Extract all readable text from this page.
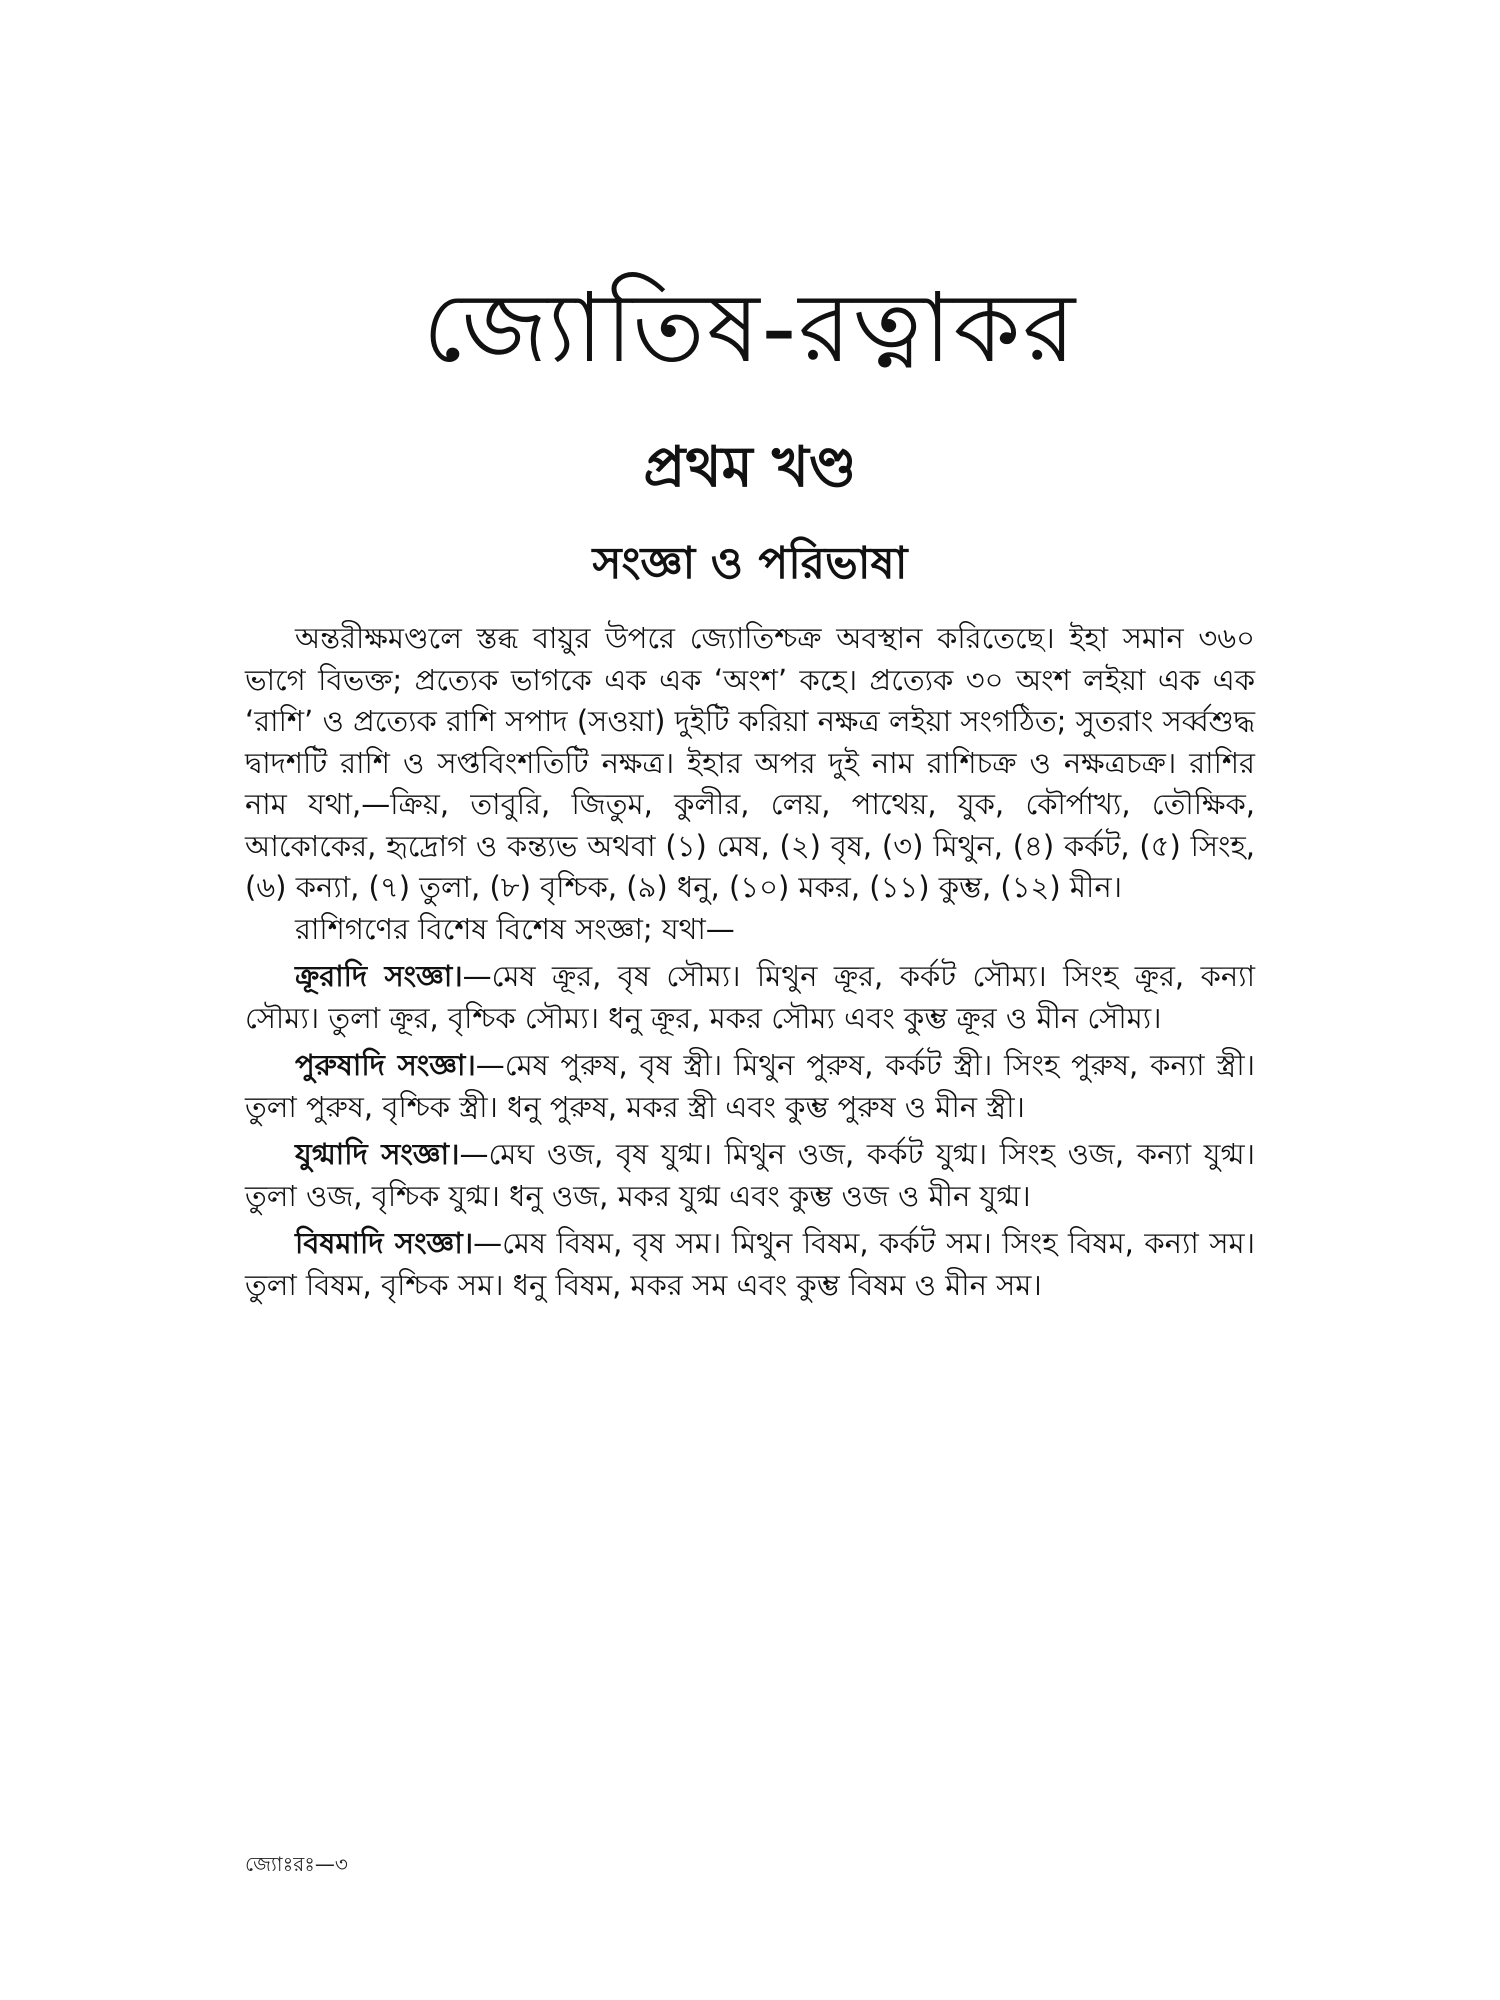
জ্যোতিষ-রত্নাকর
প্রথম খণ্ড
সংজ্ঞা ও পরিভাষা

অন্তরীক্ষমণ্ডলে স্তব্ধ বায়ুর উপরে জ্যোতিশ্চক্র অবস্থান করিতেছে। ইহা সমান ৩৬০ ভাগে বিভক্ত; প্রত্যেক ভাগকে এক এক ‘অংশ’ কহে। প্রত্যেক ৩০ অংশ লইয়া এক এক ‘রাশি’ ও প্রত্যেক রাশি সপাদ (সওয়া) দুইটি করিয়া নক্ষত্র লইয়া সংগঠিত; সুতরাং সর্ব্বশুদ্ধ দ্বাদশটি রাশি ও সপ্তবিংশতিটি নক্ষত্র। ইহার অপর দুই নাম রাশিচক্র ও নক্ষত্রচক্র। রাশির নাম যথা,—ক্রিয়, তাবুরি, জিতুম, কুলীর, লেয়, পাথেয়, যুক, কৌর্পাখ্য, তৌক্ষিক, আকোকের, হৃদ্রোগ ও কন্ত্যভ অথবা (১) মেষ, (২) বৃষ, (৩) মিথুন, (৪) কর্কট, (৫) সিংহ, (৬) কন্যা, (৭) তুলা, (৮) বৃশ্চিক, (৯) ধনু, (১০) মকর, (১১) কুম্ভ, (১২) মীন।

রাশিগণের বিশেষ বিশেষ সংজ্ঞা; যথা—

ক্রূরাদি সংজ্ঞা।—মেষ ক্রূর, বৃষ সৌম্য। মিথুন ক্রূর, কর্কট সৌম্য। সিংহ ক্রূর, কন্যা সৌম্য। তুলা ক্রূর, বৃশ্চিক সৌম্য। ধনু ক্রূর, মকর সৌম্য এবং কুম্ভ ক্রূর ও মীন সৌম্য।

পুরুষাদি সংজ্ঞা।—মেষ পুরুষ, বৃষ স্ত্রী। মিথুন পুরুষ, কর্কট স্ত্রী। সিংহ পুরুষ, কন্যা স্ত্রী। তুলা পুরুষ, বৃশ্চিক স্ত্রী। ধনু পুরুষ, মকর স্ত্রী এবং কুম্ভ পুরুষ ও মীন স্ত্রী।

যুগ্মাদি সংজ্ঞা।—মেঘ ওজ, বৃষ যুগ্ম। মিথুন ওজ, কর্কট যুগ্ম। সিংহ ওজ, কন্যা যুগ্ম। তুলা ওজ, বৃশ্চিক যুগ্ম। ধনু ওজ, মকর যুগ্ম এবং কুম্ভ ওজ ও মীন যুগ্ম।

বিষমাদি সংজ্ঞা।—মেষ বিষম, বৃষ সম। মিথুন বিষম, কর্কট সম। সিংহ বিষম, কন্যা সম। তুলা বিষম, বৃশ্চিক সম। ধনু বিষম, মকর সম এবং কুম্ভ বিষম ও মীন সম।

জ্যোঃরঃ—৩
